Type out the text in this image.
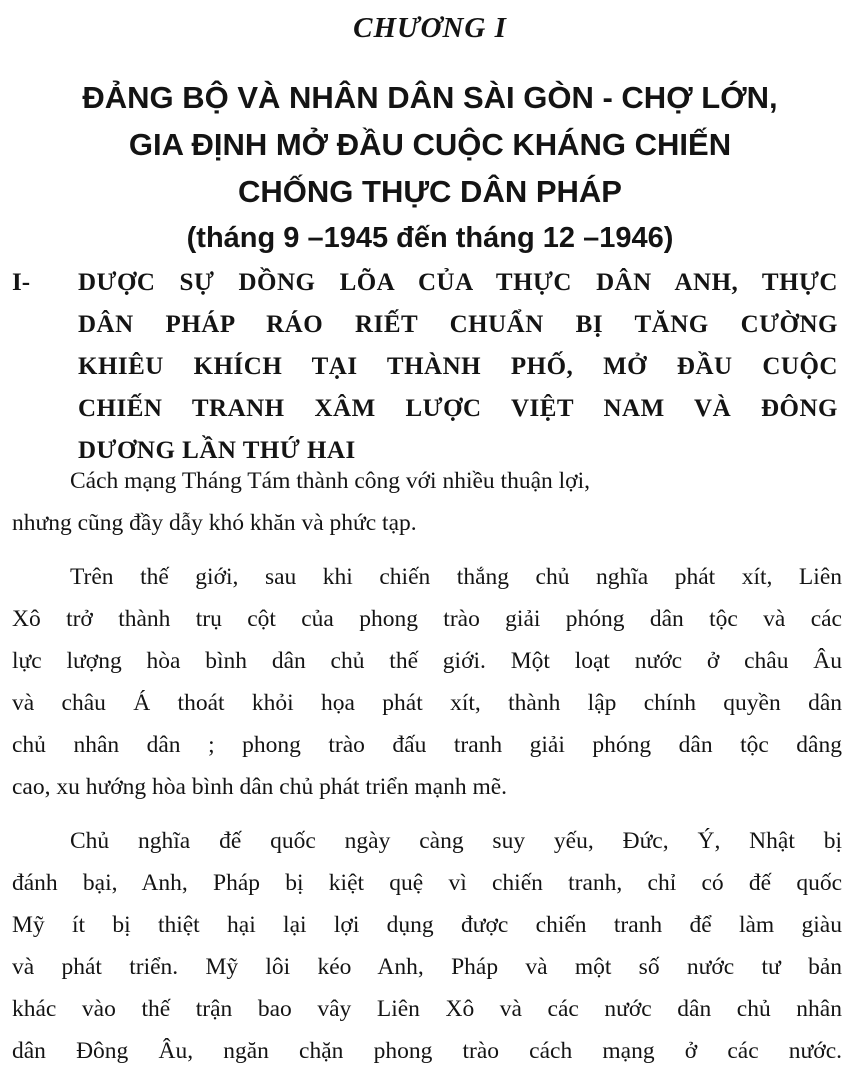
CHƯƠNG I
ĐẢNG BỘ VÀ NHÂN DÂN SÀI GÒN - CHỢ LỚN,
GIA ĐỊNH MỞ ĐẦU CUỘC KHÁNG CHIẾN
CHỐNG THỰC DÂN PHÁP
(tháng 9 –1945 đến tháng 12 –1946)
I- DƯỢC SỰ DỒNG LÕA CỦA THỰC DÂN ANH, THỰC
DÂN PHÁP RÁO RIẾT CHUẨN BỊ TĂNG CƯỜNG
KHIÊU KHÍCH TẠI THÀNH PHỐ, MỞ ĐẦU CUỘC
CHIẾN TRANH XÂM LƯỢC VIỆT NAM VÀ ĐÔNG
DƯƠNG LẦN THỨ HAI
Cách mạng Tháng Tám thành công với nhiều thuận lợi,
nhưng cũng đầy dẫy khó khăn và phức tạp.
Trên thế giới, sau khi chiến thắng chủ nghĩa phát xít, Liên
Xô trở thành trụ cột của phong trào giải phóng dân tộc và các
lực lượng hòa bình dân chủ thế giới. Một loạt nước ở châu Âu
và châu Á thoát khỏi họa phát xít, thành lập chính quyền dân
chủ nhân dân ; phong trào đấu tranh giải phóng dân tộc dâng
cao, xu hướng hòa bình dân chủ phát triển mạnh mẽ.
Chủ nghĩa đế quốc ngày càng suy yếu, Đức, Ý, Nhật bị
đánh bại, Anh, Pháp bị kiệt quệ vì chiến tranh, chỉ có đế quốc
Mỹ ít bị thiệt hại lại lợi dụng được chiến tranh để làm giàu
và phát triển. Mỹ lôi kéo Anh, Pháp và một số nước tư bản
khác vào thế trận bao vây Liên Xô và các nước dân chủ nhân
dân Đông Âu, ngăn chặn phong trào cách mạng ở các nước.
